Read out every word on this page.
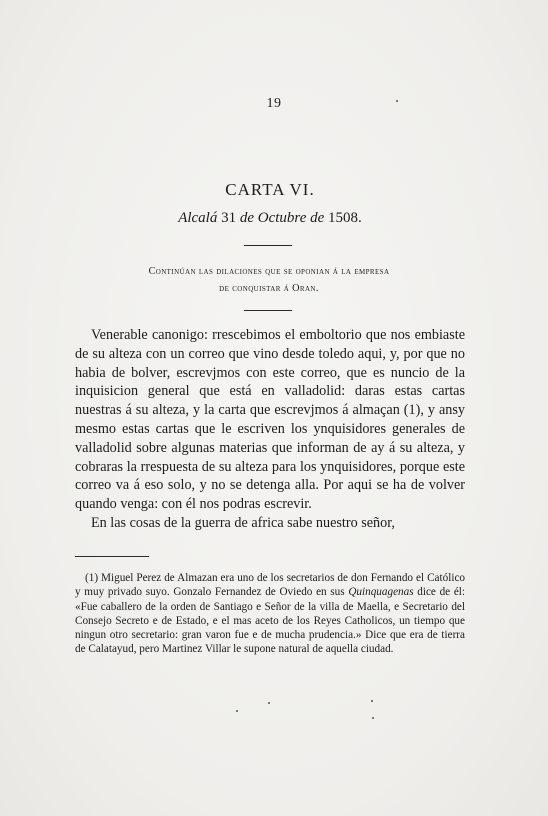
19
CARTA VI.
Alcalá 31 de Octubre de 1508.
Continúan las dilaciones que se oponian á la empresa
de conquistar á Oran.

Venerable canonigo: rrescebimos el emboltorio que nos embiaste de su alteza con un correo que vino desde toledo aqui, y, por que no habia de bolver, escrevjmos con este correo, que es nuncio de la inquisicion general que está en valladolid: daras estas cartas nuestras á su alteza, y la carta que escrevjmos á almaçan (1), y ansy mesmo estas cartas que le escriven los ynquisidores generales de valladolid sobre algunas materias que informan de ay á su alteza, y cobraras la rrespuesta de su alteza para los ynquisidores, porque este correo va á eso solo, y no se detenga alla. Por aqui se ha de volver quando venga: con él nos podras escrevir.

En las cosas de la guerra de africa sabe nuestro señor,

(1) Miguel Perez de Almazan era uno de los secretarios de don Fernando el Católico y muy privado suyo. Gonzalo Fernandez de Oviedo en sus Quinquagenas dice de él: «Fue caballero de la orden de Santiago e Señor de la villa de Maella, e Secretario del Consejo Secreto e de Estado, e el mas aceto de los Reyes Catholicos, un tiempo que ningun otro secretario: gran varon fue e de mucha prudencia.» Dice que era de tierra de Calatayud, pero Martinez Villar le supone natural de aquella ciudad.
